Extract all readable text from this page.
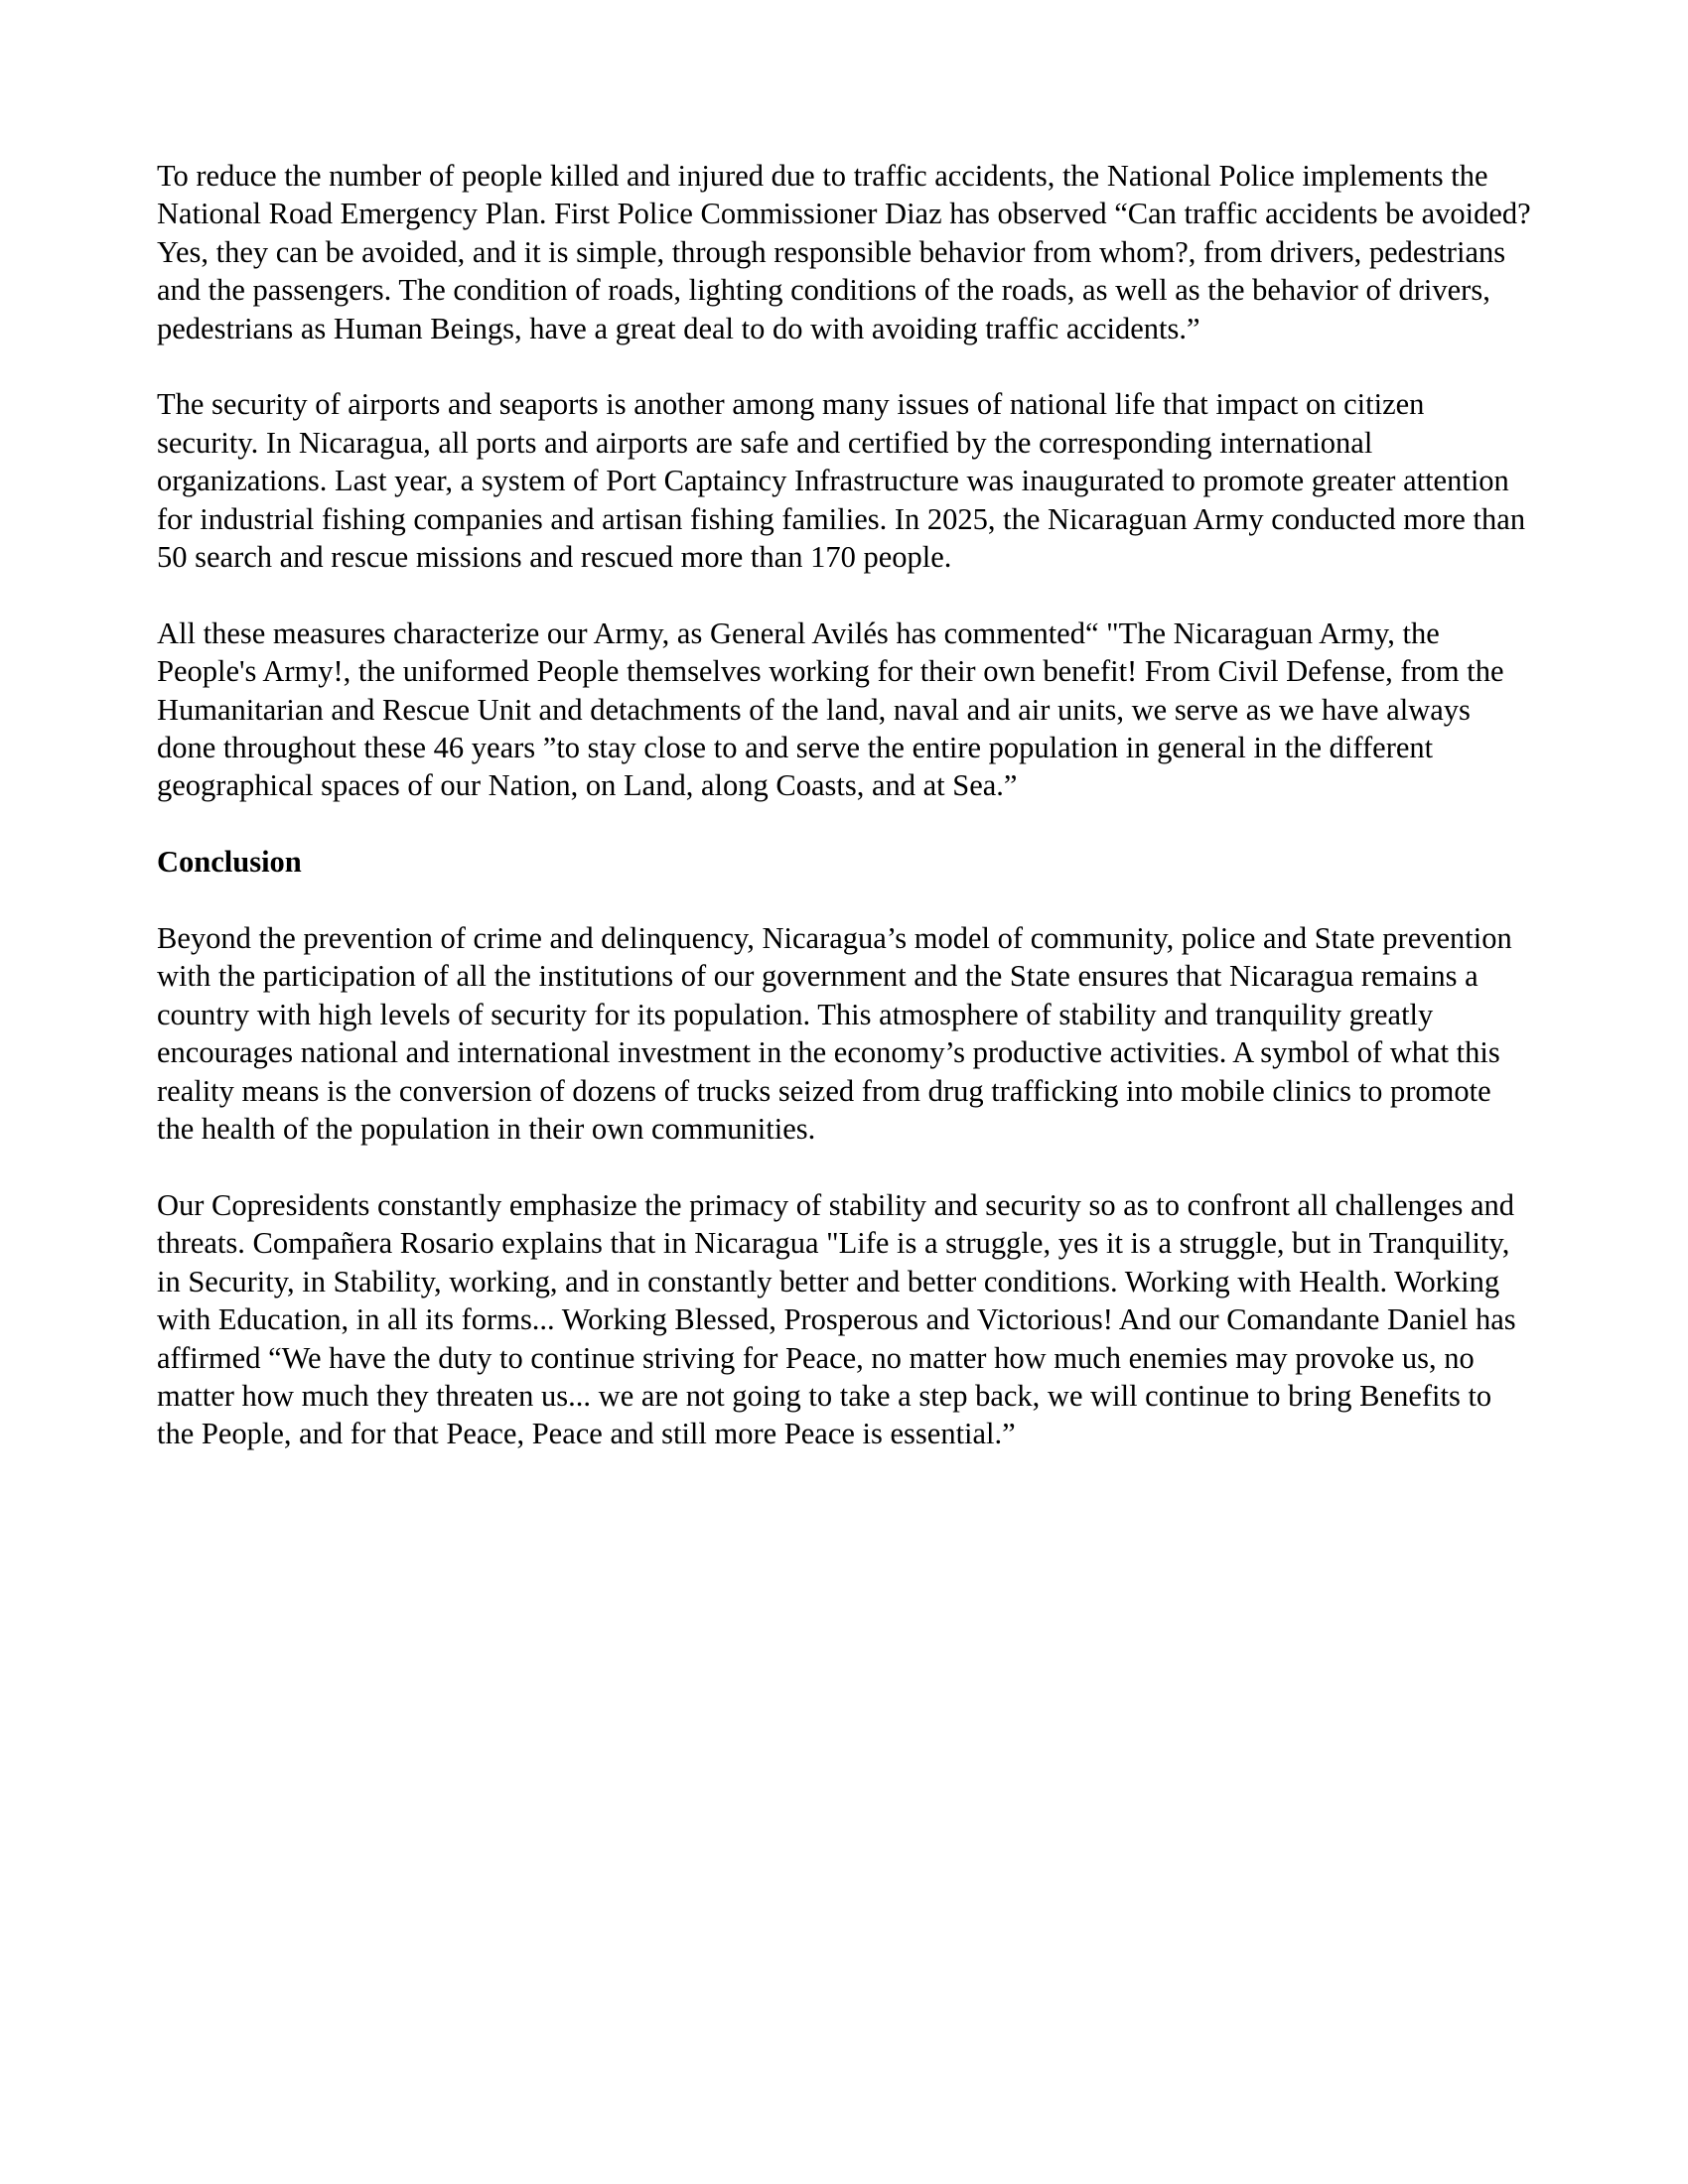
To reduce the number of people killed and injured due to traffic accidents, the National Police implements the National Road Emergency Plan. First Police Commissioner Diaz has observed “Can traffic accidents be avoided? Yes, they can be avoided, and it is simple, through responsible behavior from whom?, from drivers, pedestrians and the passengers. The condition of roads, lighting conditions of the roads, as well as the behavior of drivers, pedestrians as Human Beings, have a great deal to do with avoiding traffic accidents.”

The security of airports and seaports is another among many issues of national life that impact on citizen security. In Nicaragua, all ports and airports are safe and certified by the corresponding international organizations. Last year, a system of Port Captaincy Infrastructure was inaugurated to promote greater attention for industrial fishing companies and artisan fishing families. In 2025, the Nicaraguan Army conducted more than 50 search and rescue missions and rescued more than 170 people.

All these measures characterize our Army, as General Avilés has commented“ "The Nicaraguan Army, the People's Army!, the uniformed People themselves working for their own benefit! From Civil Defense, from the Humanitarian and Rescue Unit and detachments of the land, naval and air units, we serve as we have always done throughout these 46 years ”to stay close to and serve the entire population in general in the different geographical spaces of our Nation, on Land, along Coasts, and at Sea.”

Conclusion

Beyond the prevention of crime and delinquency, Nicaragua’s model of community, police and State prevention with the participation of all the institutions of our government and the State ensures that Nicaragua remains a country with high levels of security for its population. This atmosphere of stability and tranquility greatly encourages national and international investment in the economy’s productive activities. A symbol of what this reality means is the conversion of dozens of trucks seized from drug trafficking into mobile clinics to promote the health of the population in their own communities.

Our Copresidents constantly emphasize the primacy of stability and security so as to confront all challenges and threats. Compañera Rosario explains that in Nicaragua "Life is a struggle, yes it is a struggle, but in Tranquility, in Security, in Stability, working, and in constantly better and better conditions. Working with Health. Working with Education, in all its forms... Working Blessed, Prosperous and Victorious! And our Comandante Daniel has affirmed “We have the duty to continue striving for Peace, no matter how much enemies may provoke us, no matter how much they threaten us... we are not going to take a step back, we will continue to bring Benefits to the People, and for that Peace, Peace and still more Peace is essential.”
